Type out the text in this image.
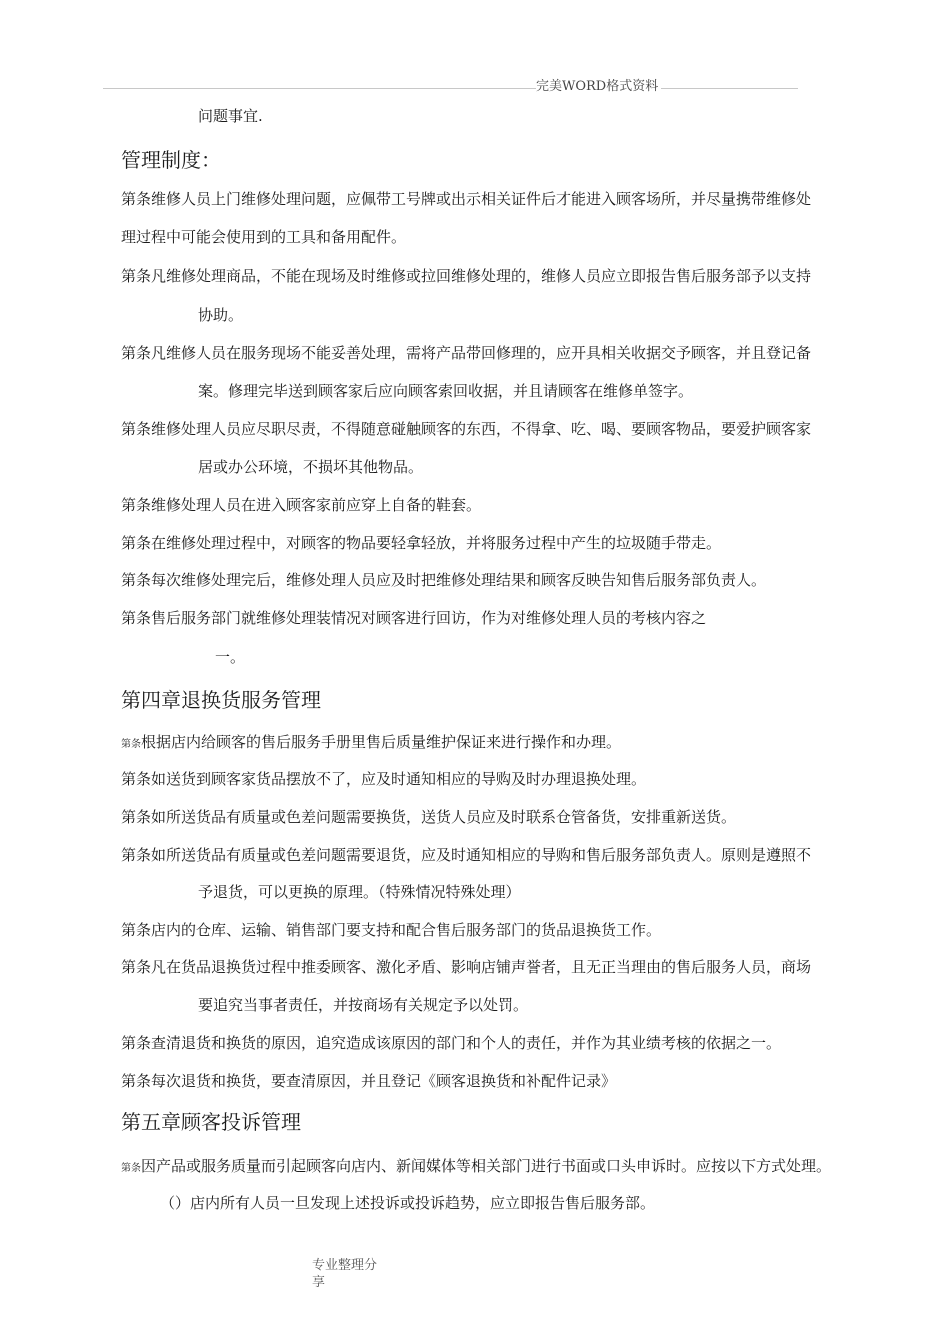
完美WORD格式资料
问题事宜.
管理制度：
第条维修人员上门维修处理问题，应佩带工号牌或出示相关证件后才能进入顾客场所，并尽量携带维修处
理过程中可能会使用到的工具和备用配件。
第条凡维修处理商品，不能在现场及时维修或拉回维修处理的，维修人员应立即报告售后服务部予以支持
协助。
第条凡维修人员在服务现场不能妥善处理，需将产品带回修理的，应开具相关收据交予顾客，并且登记备
案。修理完毕送到顾客家后应向顾客索回收据，并且请顾客在维修单签字。
第条维修处理人员应尽职尽责，不得随意碰触顾客的东西，不得拿、吃、喝、要顾客物品，要爱护顾客家
居或办公环境，不损坏其他物品。
第条维修处理人员在进入顾客家前应穿上自备的鞋套。
第条在维修处理过程中，对顾客的物品要轻拿轻放，并将服务过程中产生的垃圾随手带走。
第条每次维修处理完后，维修处理人员应及时把维修处理结果和顾客反映告知售后服务部负责人。
第条售后服务部门就维修处理装情况对顾客进行回访，作为对维修处理人员的考核内容之
一。
第四章退换货服务管理
第条根据店内给顾客的售后服务手册里售后质量维护保证来进行操作和办理。
第条如送货到顾客家货品摆放不了，应及时通知相应的导购及时办理退换处理。
第条如所送货品有质量或色差问题需要换货，送货人员应及时联系仓管备货，安排重新送货。
第条如所送货品有质量或色差问题需要退货，应及时通知相应的导购和售后服务部负责人。原则是遵照不
予退货，可以更换的原理。（特殊情况特殊处理）
第条店内的仓库、运输、销售部门要支持和配合售后服务部门的货品退换货工作。
第条凡在货品退换货过程中推委顾客、激化矛盾、影响店铺声誉者，且无正当理由的售后服务人员，商场
要追究当事者责任，并按商场有关规定予以处罚。
第条查清退货和换货的原因，追究造成该原因的部门和个人的责任，并作为其业绩考核的依据之一。
第条每次退货和换货，要查清原因，并且登记《顾客退换货和补配件记录》
第五章顾客投诉管理
第条因产品或服务质量而引起顾客向店内、新闻媒体等相关部门进行书面或口头申诉时。应按以下方式处理。
（）店内所有人员一旦发现上述投诉或投诉趋势，应立即报告售后服务部。
专业整理分享
